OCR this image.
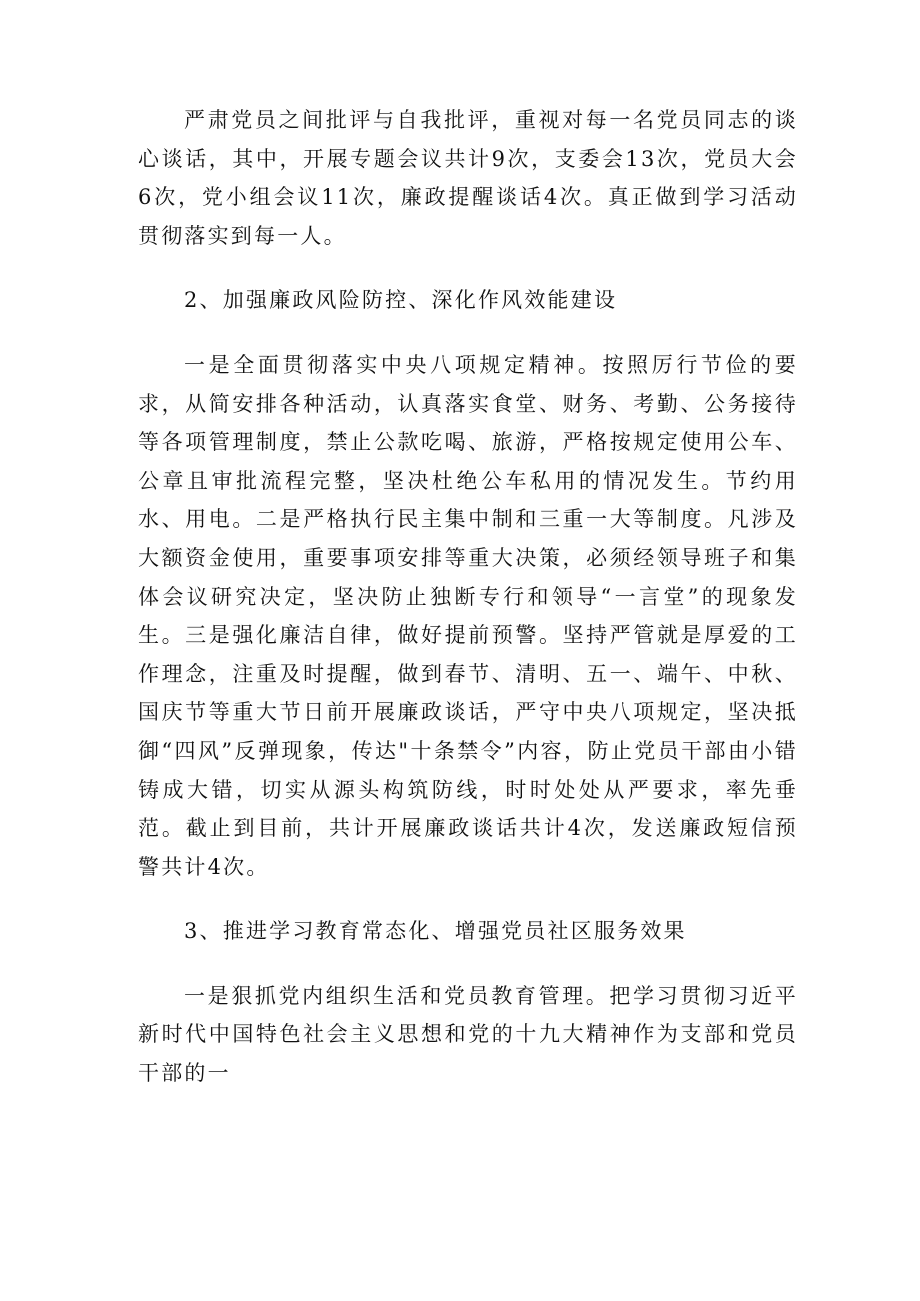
严肃党员之间批评与自我批评，重视对每一名党员同志的谈心谈话，其中，开展专题会议共计9次，支委会13次，党员大会6次，党小组会议11次，廉政提醒谈话4次。真正做到学习活动贯彻落实到每一人。

2、加强廉政风险防控、深化作风效能建设

一是全面贯彻落实中央八项规定精神。按照厉行节俭的要求，从简安排各种活动，认真落实食堂、财务、考勤、公务接待等各项管理制度，禁止公款吃喝、旅游，严格按规定使用公车、公章且审批流程完整，坚决杜绝公车私用的情况发生。节约用水、用电。二是严格执行民主集中制和三重一大等制度。凡涉及大额资金使用，重要事项安排等重大决策，必须经领导班子和集体会议研究决定，坚决防止独断专行和领导“一言堂”的现象发生。三是强化廉洁自律，做好提前预警。坚持严管就是厚爱的工作理念，注重及时提醒，做到春节、清明、五一、端午、中秋、国庆节等重大节日前开展廉政谈话，严守中央八项规定，坚决抵御“四风”反弹现象，传达"十条禁令”内容，防止党员干部由小错铸成大错，切实从源头构筑防线，时时处处从严要求，率先垂范。截止到目前，共计开展廉政谈话共计4次，发送廉政短信预警共计4次。

3、推进学习教育常态化、增强党员社区服务效果

一是狠抓党内组织生活和党员教育管理。把学习贯彻习近平新时代中国特色社会主义思想和党的十九大精神作为支部和党员干部的一
